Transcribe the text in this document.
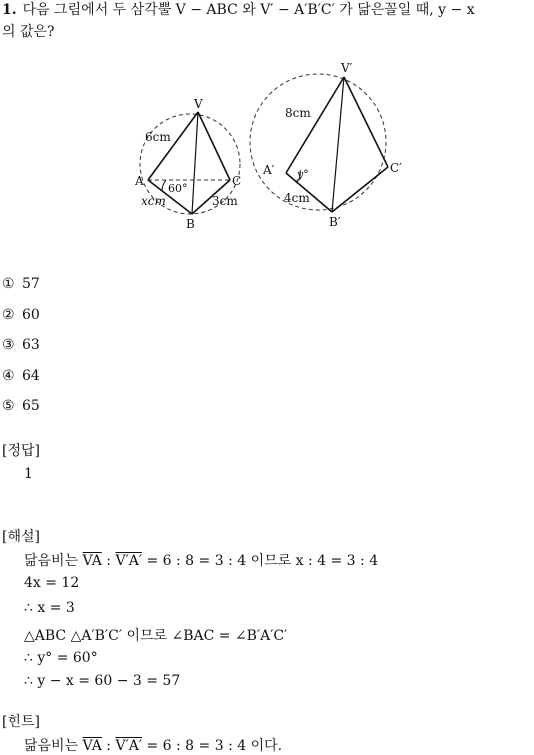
1. 다음 그림에서 두 삼각뿔 V − ABC 와 V′ − A′B′C′ 가 닮은꼴일 때, y − x
의 값은?
V
A
B
C
6cm
60°
xcm	3cm
V′
A′
B′
C′
8cm
y°
4cm
① 57
② 60
③ 63
④ 64
⑤ 65
[정답]
1
[해설]
닮음비는 $\overline{VA}$ : V′A′ = 6 : 8 = 3 : 4 이므로 x : 4 = 3 : 4
4x = 12
∴ x = 3
△ABC △A′B′C′ 이므로 ∠BAC = ∠B′A′C′
∴ y° = 60°
∴ y − x = 60 − 3 = 57
[힌트]
닮음비는 $\overline{VA}$ : V′A′ = 6 : 8 = 3 : 4 이다.
